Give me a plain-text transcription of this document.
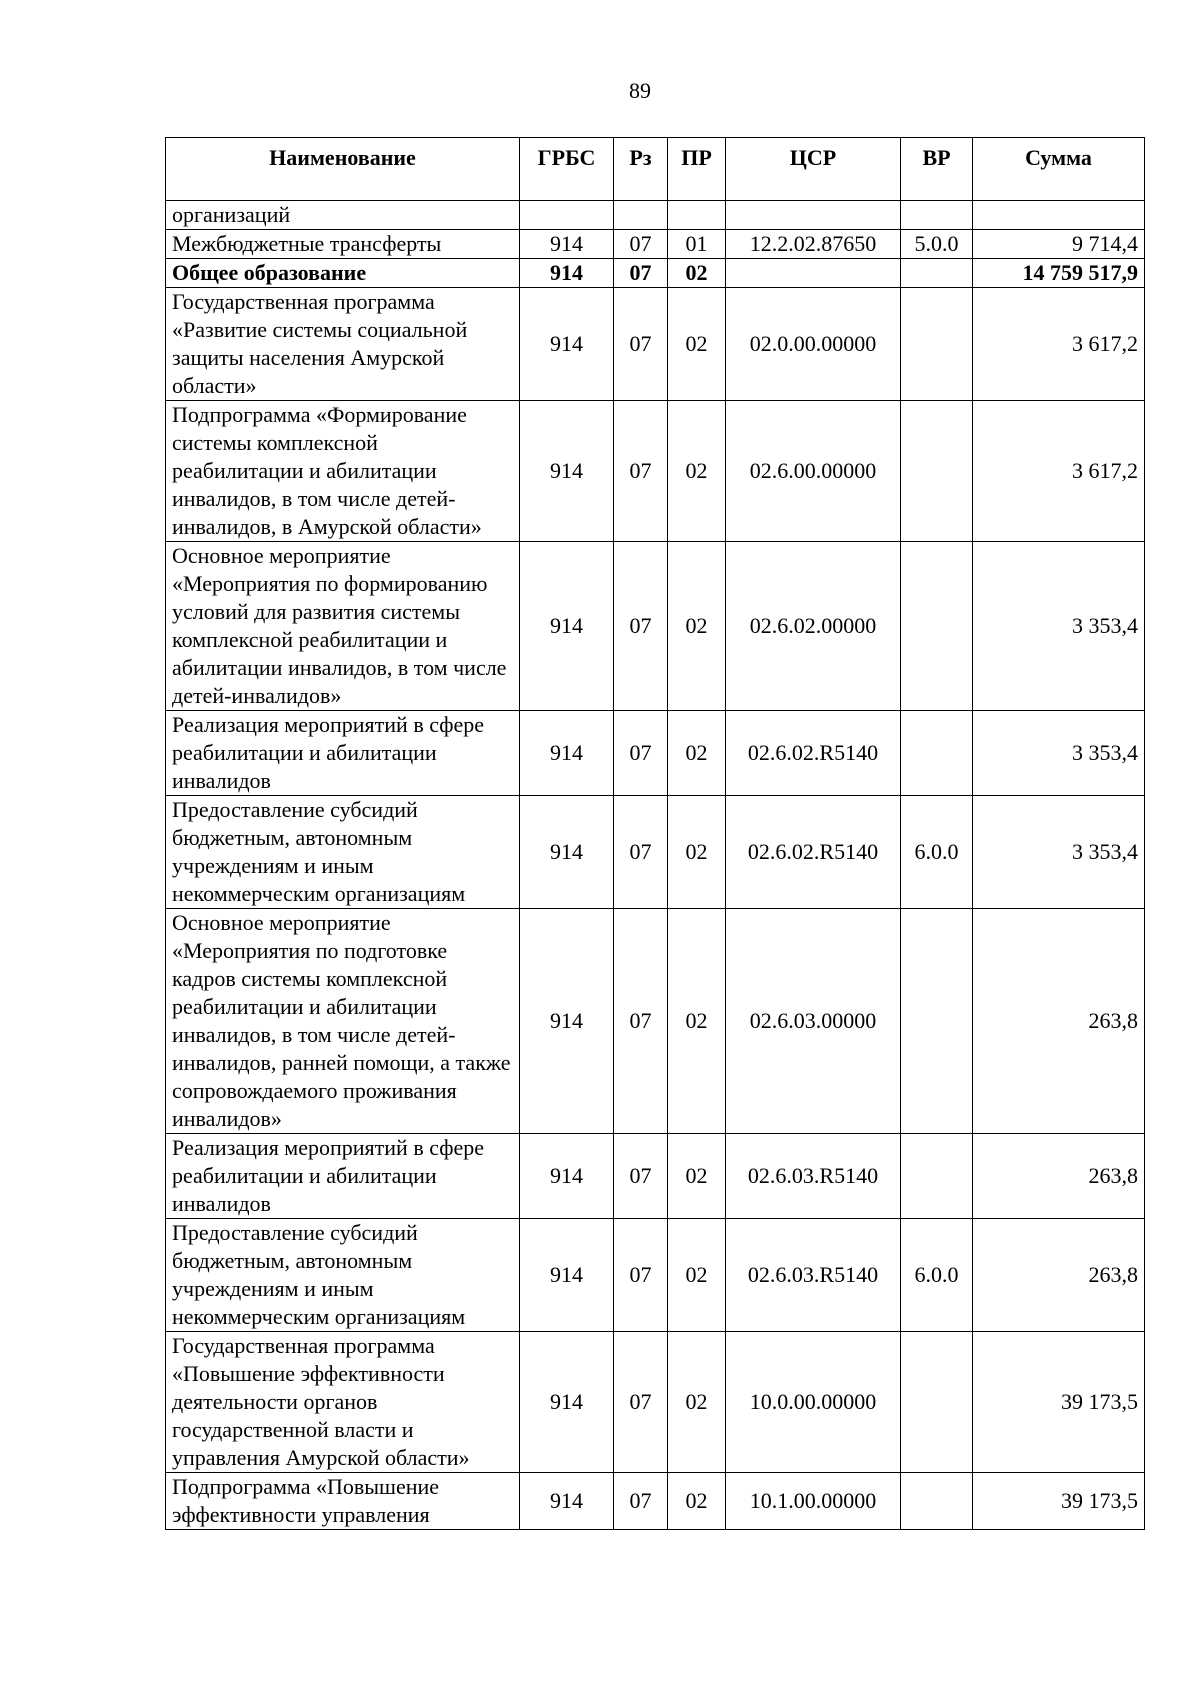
89
Наименование	ГРБС	Рз	ПР	ЦСР	ВР	Сумма
организаций						
Межбюджетные трансферты	914	07	01	12.2.02.87650	5.0.0	9 714,4
Общее образование	914	07	02			14 759 517,9
Государственная программа «Развитие системы социальной защиты населения Амурской области»	914	07	02	02.0.00.00000		3 617,2
Подпрограмма «Формирование системы комплексной реабилитации и абилитации инвалидов, в том числе детей-инвалидов, в Амурской области»	914	07	02	02.6.00.00000		3 617,2
Основное мероприятие «Мероприятия по формированию условий для развития системы комплексной реабилитации и абилитации инвалидов, в том числе детей-инвалидов»	914	07	02	02.6.02.00000		3 353,4
Реализация мероприятий в сфере реабилитации и абилитации инвалидов	914	07	02	02.6.02.R5140		3 353,4
Предоставление субсидий бюджетным, автономным учреждениям и иным некоммерческим организациям	914	07	02	02.6.02.R5140	6.0.0	3 353,4
Основное мероприятие «Мероприятия по подготовке кадров системы комплексной реабилитации и абилитации инвалидов, в том числе детей-инвалидов, ранней помощи, а также сопровождаемого проживания инвалидов»	914	07	02	02.6.03.00000		263,8
Реализация мероприятий в сфере реабилитации и абилитации инвалидов	914	07	02	02.6.03.R5140		263,8
Предоставление субсидий бюджетным, автономным учреждениям и иным некоммерческим организациям	914	07	02	02.6.03.R5140	6.0.0	263,8
Государственная программа «Повышение эффективности деятельности органов государственной власти и управления Амурской области»	914	07	02	10.0.00.00000		39 173,5
Подпрограмма «Повышение эффективности управления	914	07	02	10.1.00.00000		39 173,5
